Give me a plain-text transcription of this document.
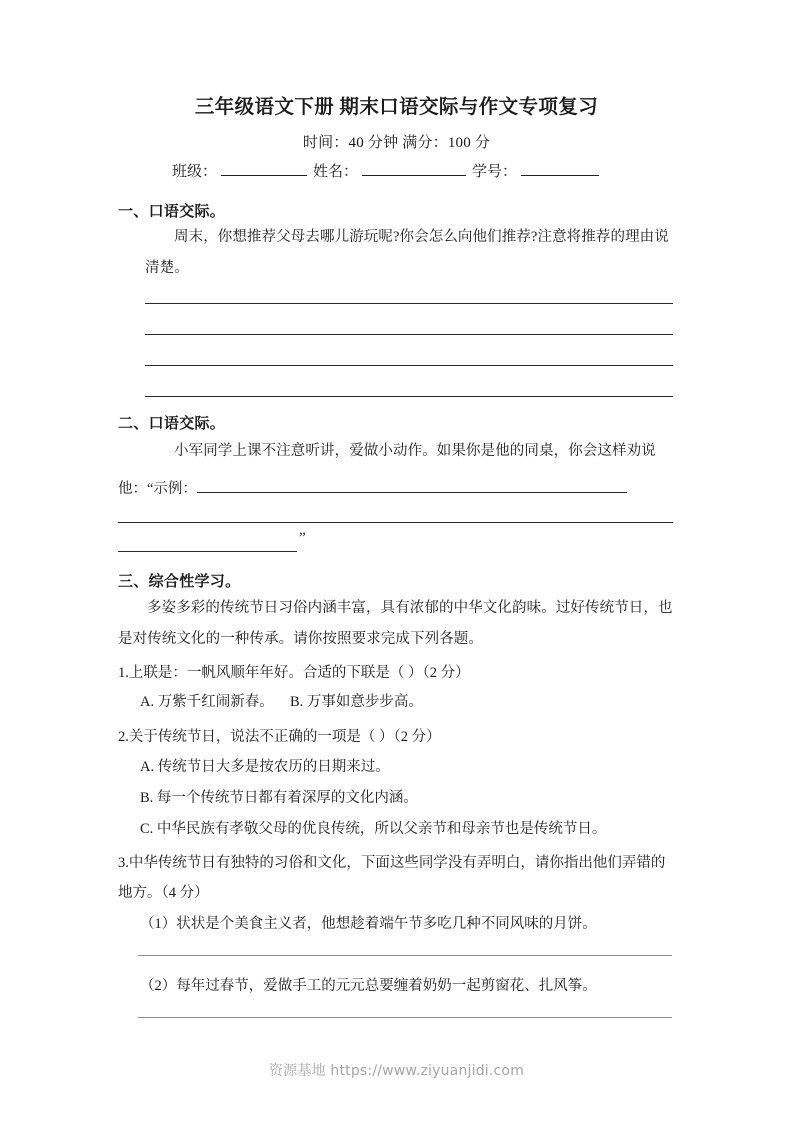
三年级语文下册 期末口语交际与作文专项复习
时间：40 分钟 满分：100 分
班级：	姓名：	学号：
一、口语交际。
周末，你想推荐父母去哪儿游玩呢?你会怎么向他们推荐?注意将推荐的理由说清楚。
二、口语交际。
小军同学上课不注意听讲，爱做小动作。如果你是他的同桌，你会这样劝说
他：“示例：
”
三、综合性学习。
多姿多彩的传统节日习俗内涵丰富，具有浓郁的中华文化韵味。过好传统节日，也是对传统文化的一种传承。请你按照要求完成下列各题。
1.上联是：一帆风顺年年好。合适的下联是（ ）（2 分）
A. 万紫千红闹新春。 B. 万事如意步步高。
2.关于传统节日，说法不正确的一项是（ ）（2 分）
A. 传统节日大多是按农历的日期来过。
B. 每一个传统节日都有着深厚的文化内涵。
C. 中华民族有孝敬父母的优良传统，所以父亲节和母亲节也是传统节日。
3.中华传统节日有独特的习俗和文化，下面这些同学没有弄明白，请你指出他们弄错的地方。（4 分）
（1）状状是个美食主义者，他想趁着端午节多吃几种不同风味的月饼。
（2）每年过春节，爱做手工的元元总要缠着奶奶一起剪窗花、扎风筝。
资源基地 https://www.ziyuanjidi.com
